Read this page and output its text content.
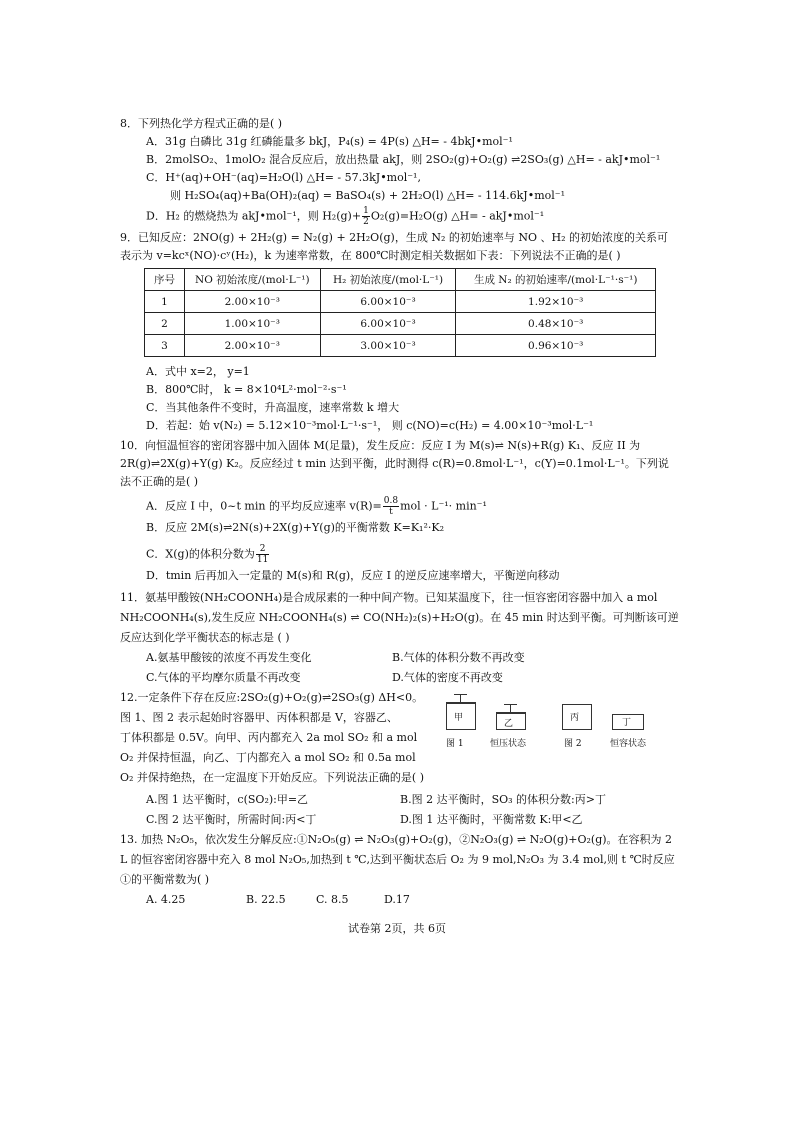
8．下列热化学方程式正确的是( )
A．31g 白磷比 31g 红磷能量多 bkJ，P₄(s) = 4P(s) △H= - 4bkJ•mol⁻¹
B．2molSO₂、1molO₂ 混合反应后，放出热量 akJ，则 2SO₂(g)+O₂(g) ⇌2SO₃(g) △H= - akJ•mol⁻¹
C．H⁺(aq)+OH⁻(aq)=H₂O(l) △H= - 57.3kJ•mol⁻¹,
则 H₂SO₄(aq)+Ba(OH)₂(aq) = BaSO₄(s) + 2H₂O(l) △H= - 114.6kJ•mol⁻¹
D．H₂ 的燃烧热为 akJ•mol⁻¹，则 $H_2(g)+ \frac{1}{2} O_2(g)=H_2O(g)$ △H= - akJ•mol⁻¹
9．已知反应：2NO(g) + 2H₂(g) = N₂(g) + 2H₂O(g)，生成 N₂ 的初始速率与 NO 、H₂ 的初始浓度的关系可
表示为 v=kcˣ(NO)·cʸ(H₂)，k 为速率常数，在 800℃时测定相关数据如下表：下列说法不正确的是( )
序号	NO 初始浓度/(mol·L⁻¹)	H₂ 初始浓度/(mol·L⁻¹)	生成 N₂ 的初始速率/(mol·L⁻¹·s⁻¹)
1	2.00×10⁻³	6.00×10⁻³	1.92×10⁻³
2	1.00×10⁻³	6.00×10⁻³	0.48×10⁻³
3	2.00×10⁻³	3.00×10⁻³	0.96×10⁻³
A．式中 x=2， y=1
B．800℃时， k = 8×10⁴L²·mol⁻²·s⁻¹
C．当其他条件不变时，升高温度，速率常数 k 增大
D．若起：始 v(N₂) = 5.12×10⁻³mol·L⁻¹·s⁻¹， 则 c(NO)=c(H₂) = 4.00×10⁻³mol·L⁻¹
10．向恒温恒容的密闭容器中加入固体 M(足量)，发生反应：反应 I 为 M(s)⇌ N(s)+R(g) K₁、反应 II 为
2R(g)⇌2X(g)+Y(g) K₂。反应经过 t min 达到平衡，此时测得 c(R)=0.8mol·L⁻¹，c(Y)=0.1mol·L⁻¹。下列说
法不正确的是( )
A．反应 I 中，0~t min 的平均反应速率 $v(R)= \frac{0.8}{t}$ mol · L⁻¹· min⁻¹
B．反应 2M(s)⇌2N(s)+2X(g)+Y(g)的平衡常数 K=K₁²·K₂
C．X(g)的体积分数为 $\frac{2}{11}$
D．tmin 后再加入一定量的 M(s)和 R(g)，反应 I 的逆反应速率增大，平衡逆向移动
11．氨基甲酸铵(NH₂COONH₄)是合成尿素的一种中间产物。已知某温度下，往一恒容密闭容器中加入 a mol
NH₂COONH₄(s),发生反应 NH₂COONH₄(s) ⇌ CO(NH₂)₂(s)+H₂O(g)。在 45 min 时达到平衡。可判断该可逆
反应达到化学平衡状态的标志是 ( )
A.氨基甲酸铵的浓度不再发生变化	B.气体的体积分数不再改变
C.气体的平均摩尔质量不再改变	D.气体的密度不再改变
12.一定条件下存在反应:2SO₂(g)+O₂(g)⇌2SO₃(g) ΔH<0。
图 1、图 2 表示起始时容器甲、丙体积都是 V，容器乙、
丁体积都是 0.5V。向甲、丙内都充入 2a mol SO₂ 和 a mol
O₂ 并保持恒温，向乙、丁内都充入 a mol SO₂ 和 0.5a mol
O₂ 并保持绝热，在一定温度下开始反应。下列说法正确的是( )
甲
乙
丙	丁
图 1	恒压状态	图 2	恒容状态
A.图 1 达平衡时，c(SO₂):甲=乙	B.图 2 达平衡时，SO₃ 的体积分数:丙>丁
C.图 2 达平衡时，所需时间:丙<丁	D.图 1 达平衡时，平衡常数 K:甲<乙
13. 加热 N₂O₅，依次发生分解反应:①N₂O₅(g) ⇌ N₂O₃(g)+O₂(g)，②N₂O₃(g) ⇌ N₂O(g)+O₂(g)。在容积为 2
L 的恒容密闭容器中充入 8 mol N₂O₅,加热到 t ℃,达到平衡状态后 O₂ 为 9 mol,N₂O₃ 为 3.4 mol,则 t ℃时反应
①的平衡常数为( )
A. 4.25	B. 22.5	C. 8.5	D.17
试卷第 2页，共 6页
